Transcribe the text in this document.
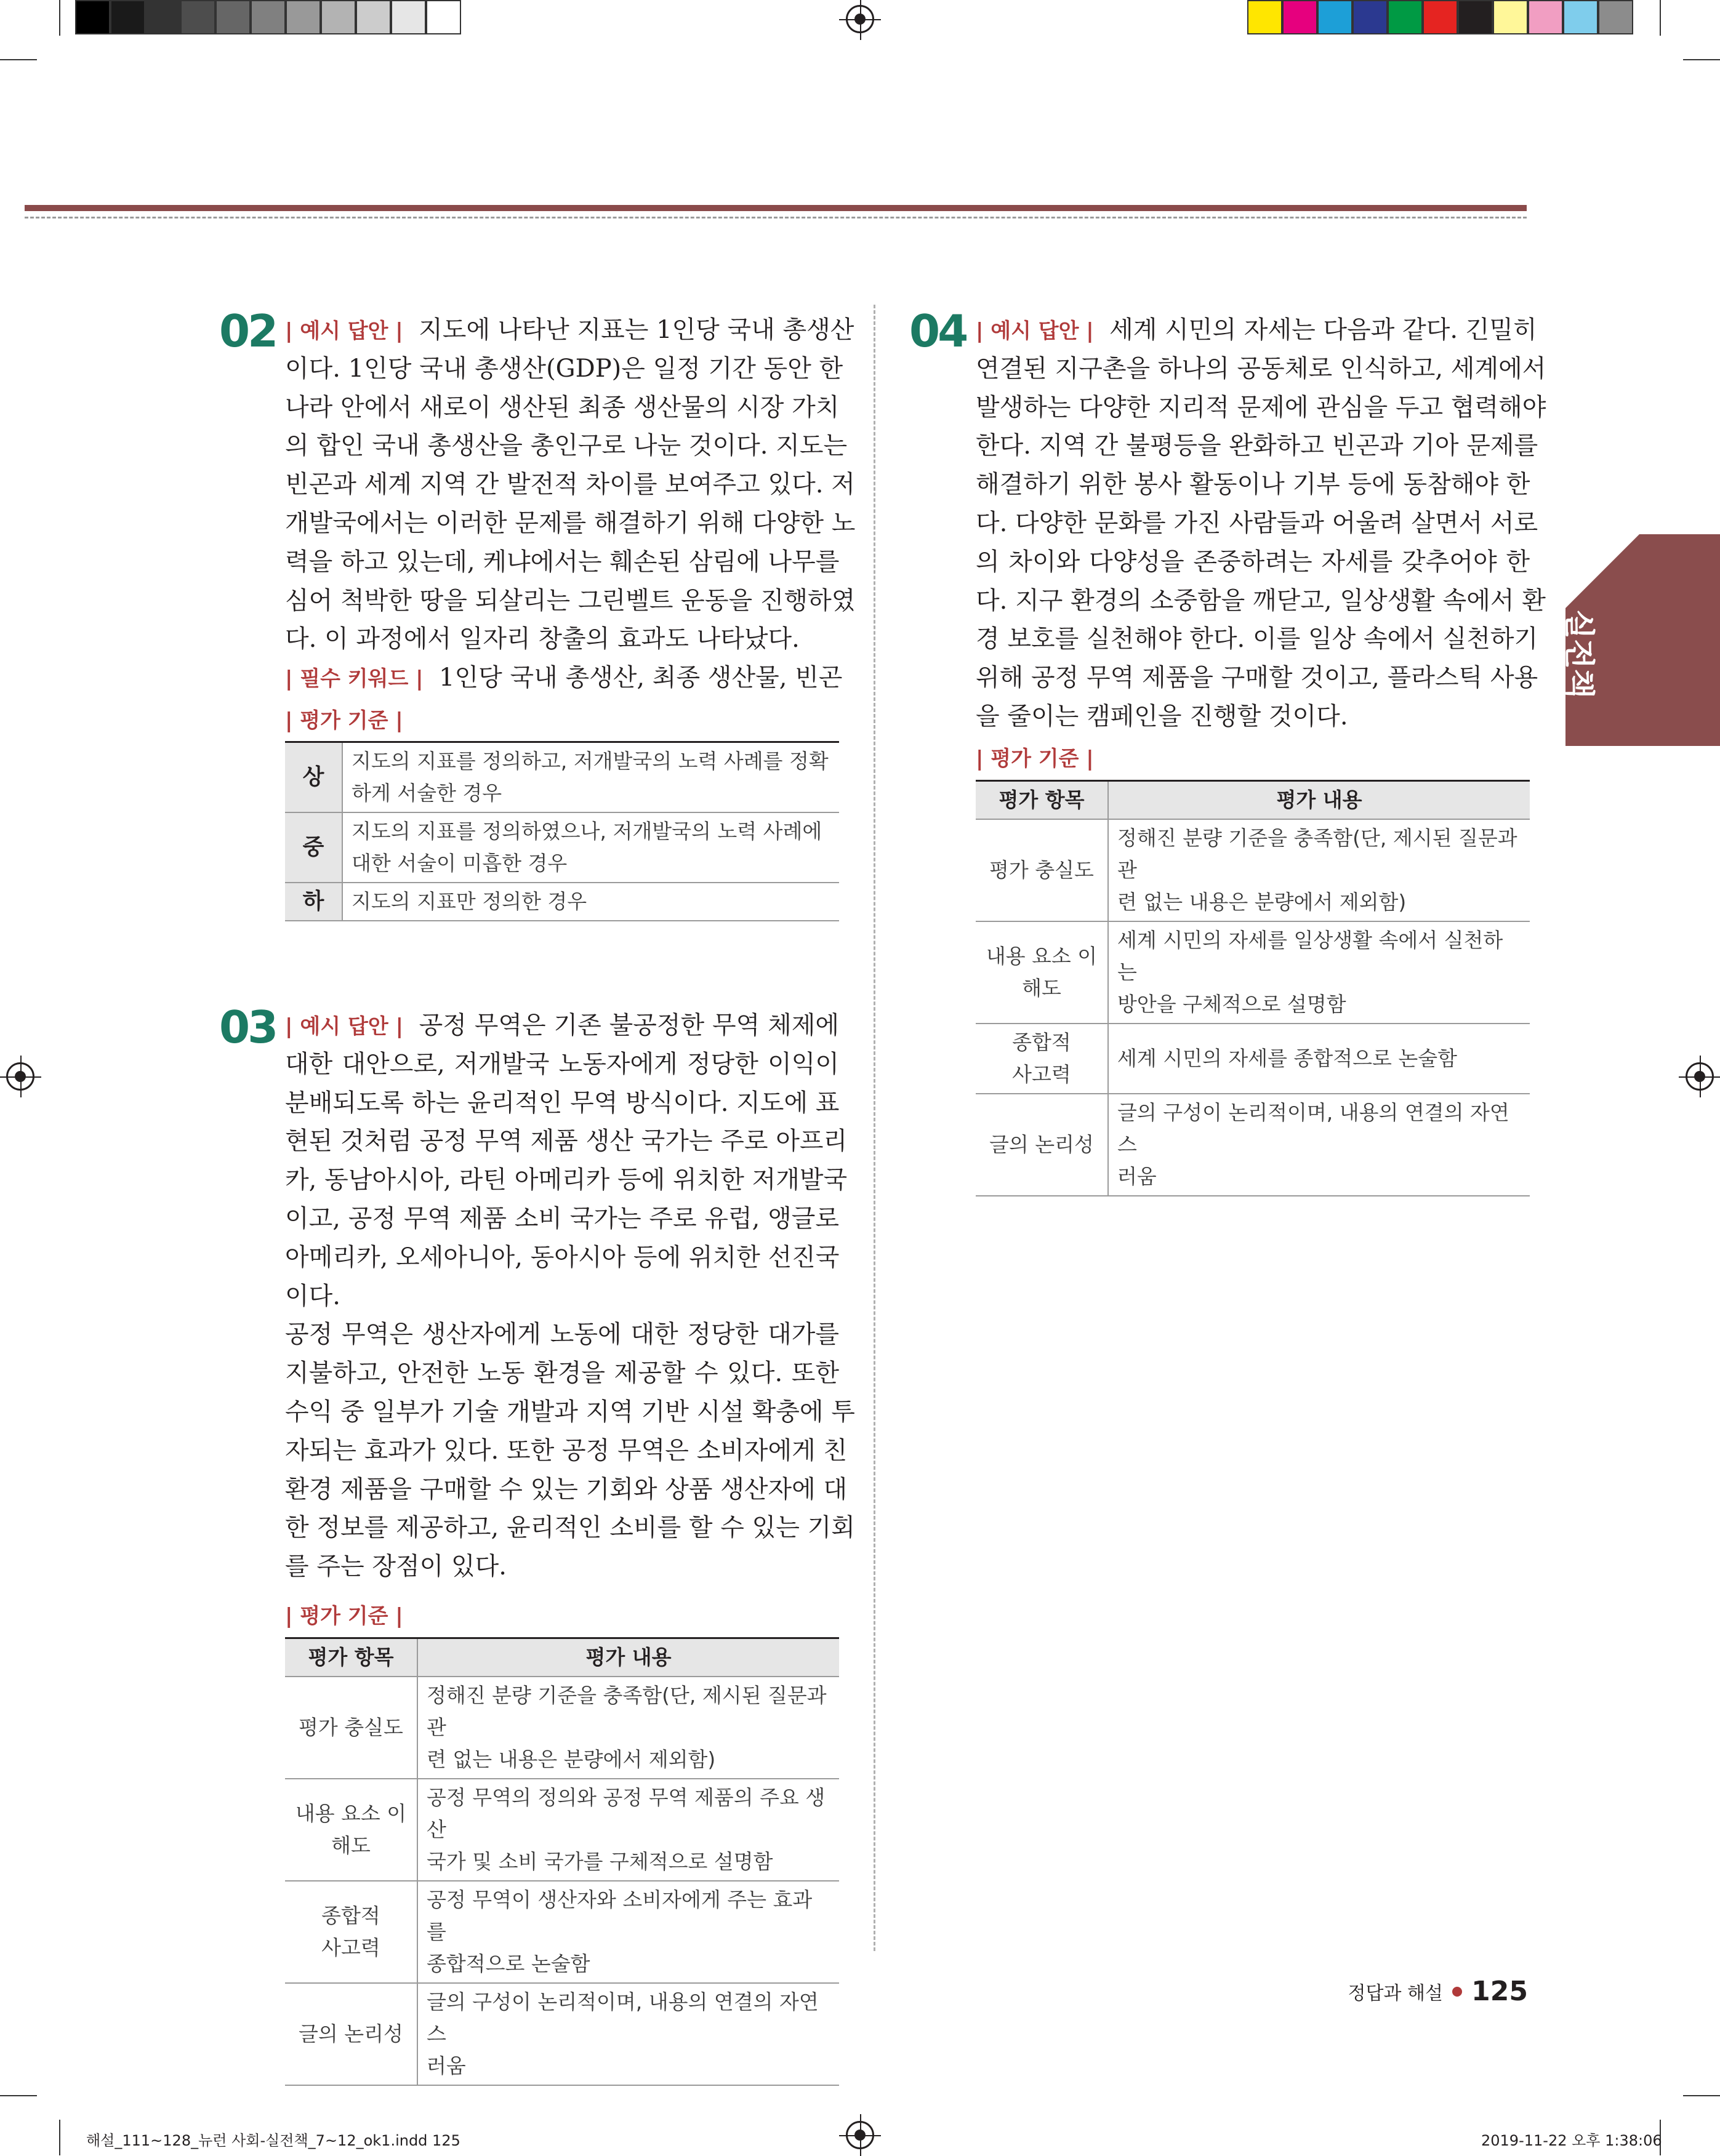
실전책
02 | 예시 답안 | 지도에 나타난 지표는 1인당 국내 총생산
이다. 1인당 국내 총생산(GDP)은 일정 기간 동안 한
나라 안에서 새로이 생산된 최종 생산물의 시장 가치
의 합인 국내 총생산을 총인구로 나눈 것이다. 지도는
빈곤과 세계 지역 간 발전적 차이를 보여주고 있다. 저
개발국에서는 이러한 문제를 해결하기 위해 다양한 노
력을 하고 있는데, 케냐에서는 훼손된 삼림에 나무를
심어 척박한 땅을 되살리는 그린벨트 운동을 진행하였
다. 이 과정에서 일자리 창출의 효과도 나타났다.
| 필수 키워드 | 1인당 국내 총생산, 최종 생산물, 빈곤
| 평가 기준 |
상	지도의 지표를 정의하고, 저개발국의 노력 사례를 정확
하게 서술한 경우
중	지도의 지표를 정의하였으나, 저개발국의 노력 사례에
대한 서술이 미흡한 경우
하	지도의 지표만 정의한 경우
03 | 예시 답안 | 공정 무역은 기존 불공정한 무역 체제에
대한 대안으로, 저개발국 노동자에게 정당한 이익이
분배되도록 하는 윤리적인 무역 방식이다. 지도에 표
현된 것처럼 공정 무역 제품 생산 국가는 주로 아프리
카, 동남아시아, 라틴 아메리카 등에 위치한 저개발국
이고, 공정 무역 제품 소비 국가는 주로 유럽, 앵글로
아메리카, 오세아니아, 동아시아 등에 위치한 선진국
이다.
공정 무역은 생산자에게 노동에 대한 정당한 대가를
지불하고, 안전한 노동 환경을 제공할 수 있다. 또한
수익 중 일부가 기술 개발과 지역 기반 시설 확충에 투
자되는 효과가 있다. 또한 공정 무역은 소비자에게 친
환경 제품을 구매할 수 있는 기회와 상품 생산자에 대
한 정보를 제공하고, 윤리적인 소비를 할 수 있는 기회
를 주는 장점이 있다.
| 평가 기준 |
평가 항목	평가 내용
평가 충실도	정해진 분량 기준을 충족함(단, 제시된 질문과 관
련 없는 내용은 분량에서 제외함)
내용 요소 이
해도	공정 무역의 정의와 공정 무역 제품의 주요 생산
국가 및 소비 국가를 구체적으로 설명함
종합적
사고력	공정 무역이 생산자와 소비자에게 주는 효과를
종합적으로 논술함
글의 논리성	글의 구성이 논리적이며, 내용의 연결의 자연스
러움
04 | 예시 답안 | 세계 시민의 자세는 다음과 같다. 긴밀히
연결된 지구촌을 하나의 공동체로 인식하고, 세계에서
발생하는 다양한 지리적 문제에 관심을 두고 협력해야
한다. 지역 간 불평등을 완화하고 빈곤과 기아 문제를
해결하기 위한 봉사 활동이나 기부 등에 동참해야 한
다. 다양한 문화를 가진 사람들과 어울려 살면서 서로
의 차이와 다양성을 존중하려는 자세를 갖추어야 한
다. 지구 환경의 소중함을 깨닫고, 일상생활 속에서 환
경 보호를 실천해야 한다. 이를 일상 속에서 실천하기
위해 공정 무역 제품을 구매할 것이고, 플라스틱 사용
을 줄이는 캠페인을 진행할 것이다.
| 평가 기준 |
평가 항목	평가 내용
평가 충실도	정해진 분량 기준을 충족함(단, 제시된 질문과 관
련 없는 내용은 분량에서 제외함)
내용 요소 이
해도	세계 시민의 자세를 일상생활 속에서 실천하는
방안을 구체적으로 설명함
종합적
사고력	세계 시민의 자세를 종합적으로 논술함
글의 논리성	글의 구성이 논리적이며, 내용의 연결의 자연스
러움
정답과 해설 125
해설_111~128_뉴런 사회-실전책_7~12_ok1.indd 125	2019-11-22 오후 1:38:06
